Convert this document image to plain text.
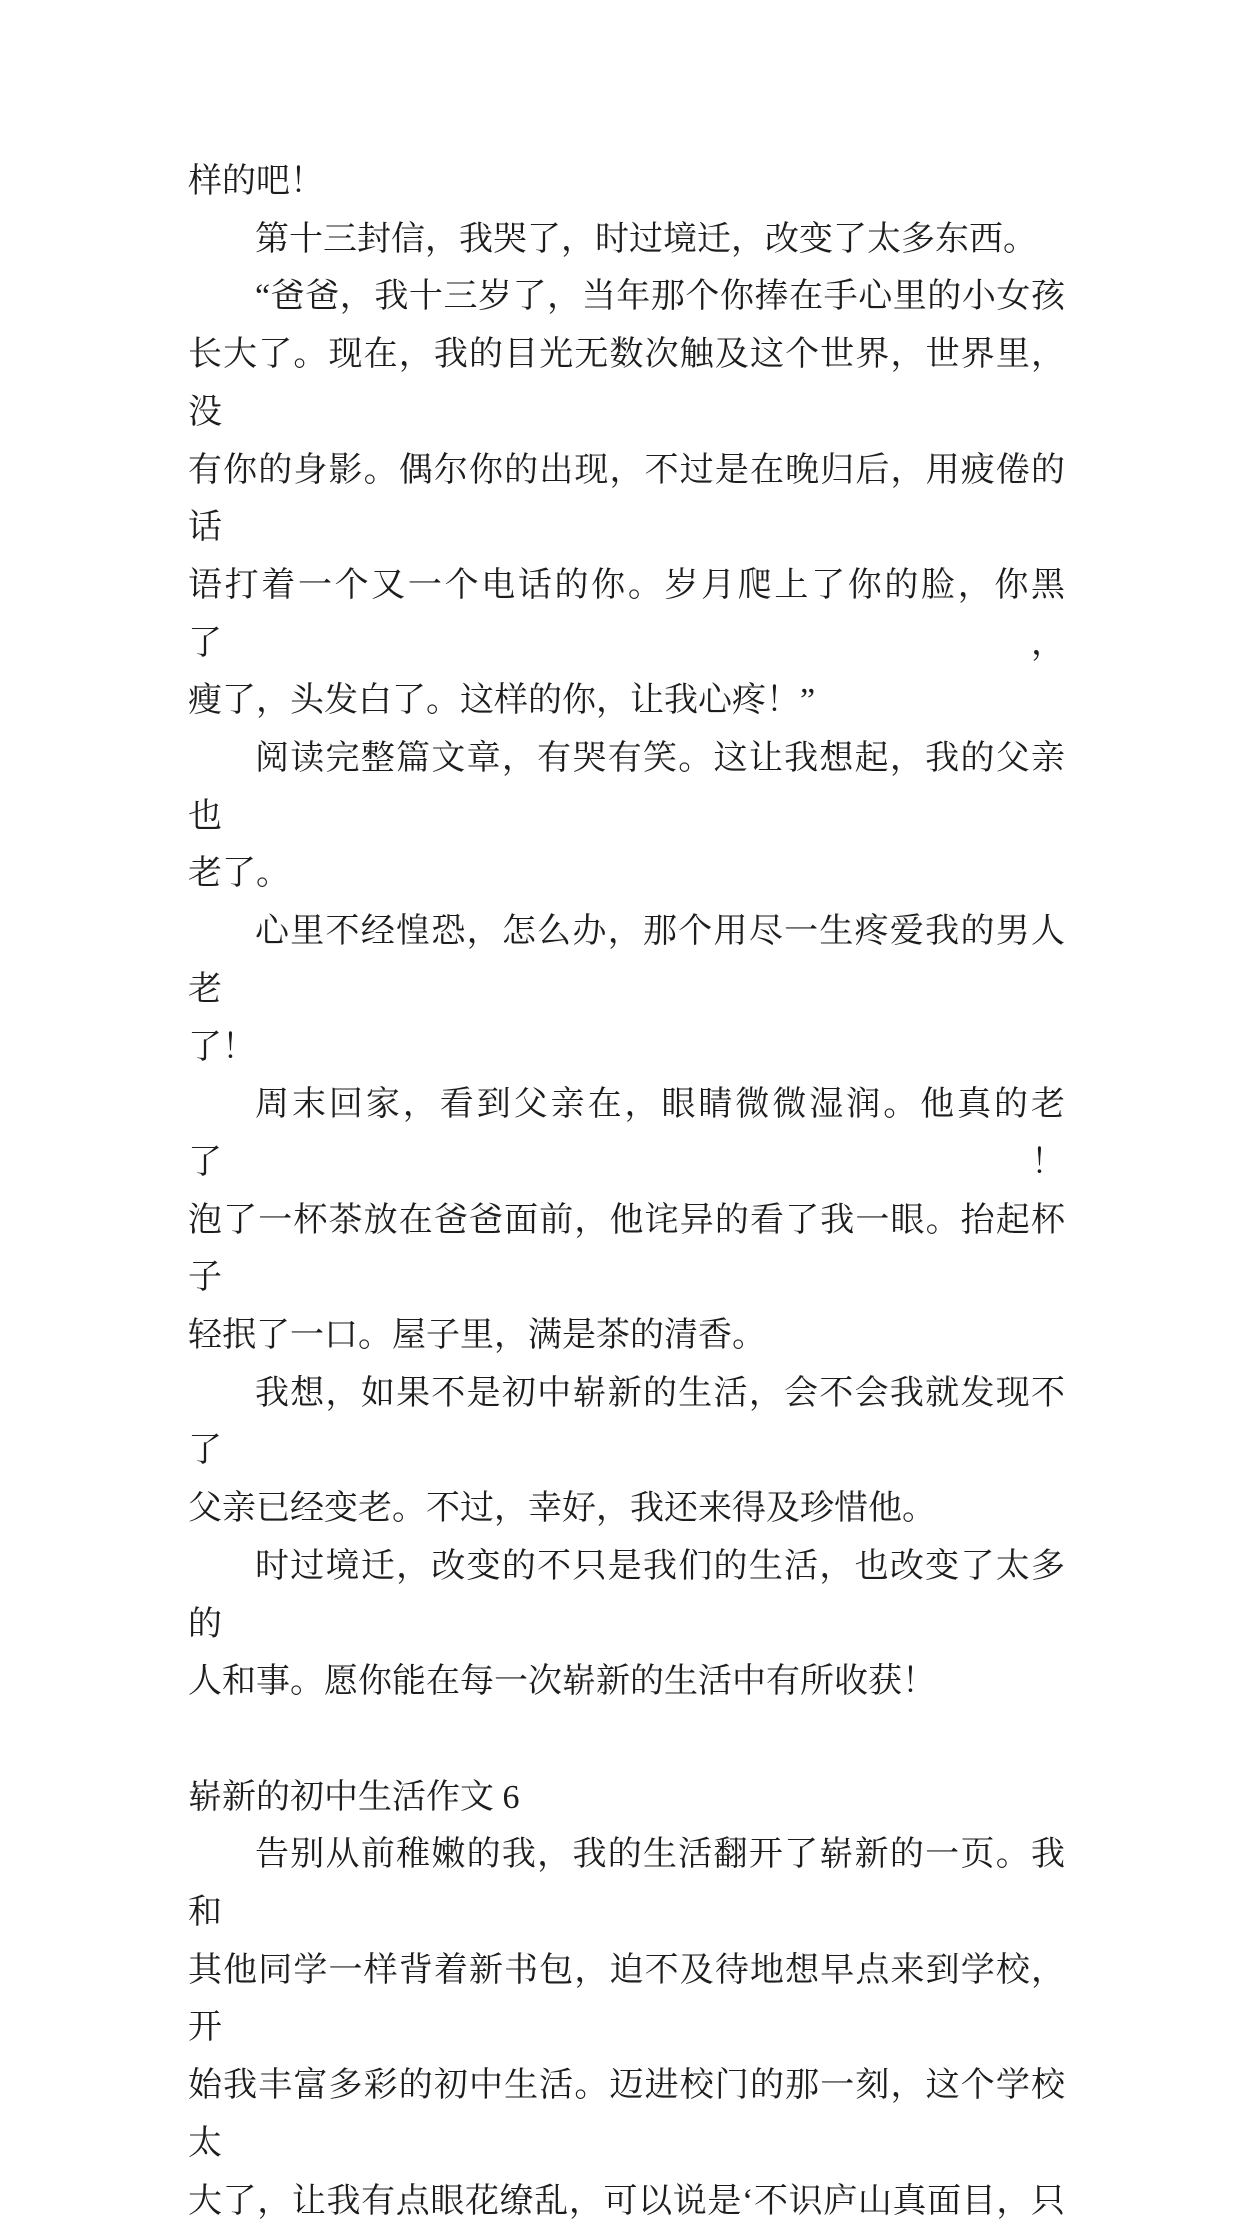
样的吧！
第十三封信，我哭了，时过境迁，改变了太多东西。
“爸爸，我十三岁了，当年那个你捧在手心里的小女孩
长大了。现在，我的目光无数次触及这个世界，世界里，没
有你的身影。偶尔你的出现，不过是在晚归后，用疲倦的话
语打着一个又一个电话的你。岁月爬上了你的脸，你黑了，
瘦了，头发白了。这样的你，让我心疼！”
阅读完整篇文章，有哭有笑。这让我想起，我的父亲也
老了。
心里不经惶恐，怎么办，那个用尽一生疼爱我的男人老
了！
周末回家，看到父亲在，眼睛微微湿润。他真的老了！
泡了一杯茶放在爸爸面前，他诧异的看了我一眼。抬起杯子
轻抿了一口。屋子里，满是茶的清香。
我想，如果不是初中崭新的生活，会不会我就发现不了
父亲已经变老。不过，幸好，我还来得及珍惜他。
时过境迁，改变的不只是我们的生活，也改变了太多的
人和事。愿你能在每一次崭新的生活中有所收获！
崭新的初中生活作文 6
告别从前稚嫩的我，我的生活翻开了崭新的一页。我和
其他同学一样背着新书包，迫不及待地想早点来到学校，开
始我丰富多彩的初中生活。迈进校门的那一刻，这个学校太
大了，让我有点眼花缭乱，可以说是‘不识庐山真面目，只
